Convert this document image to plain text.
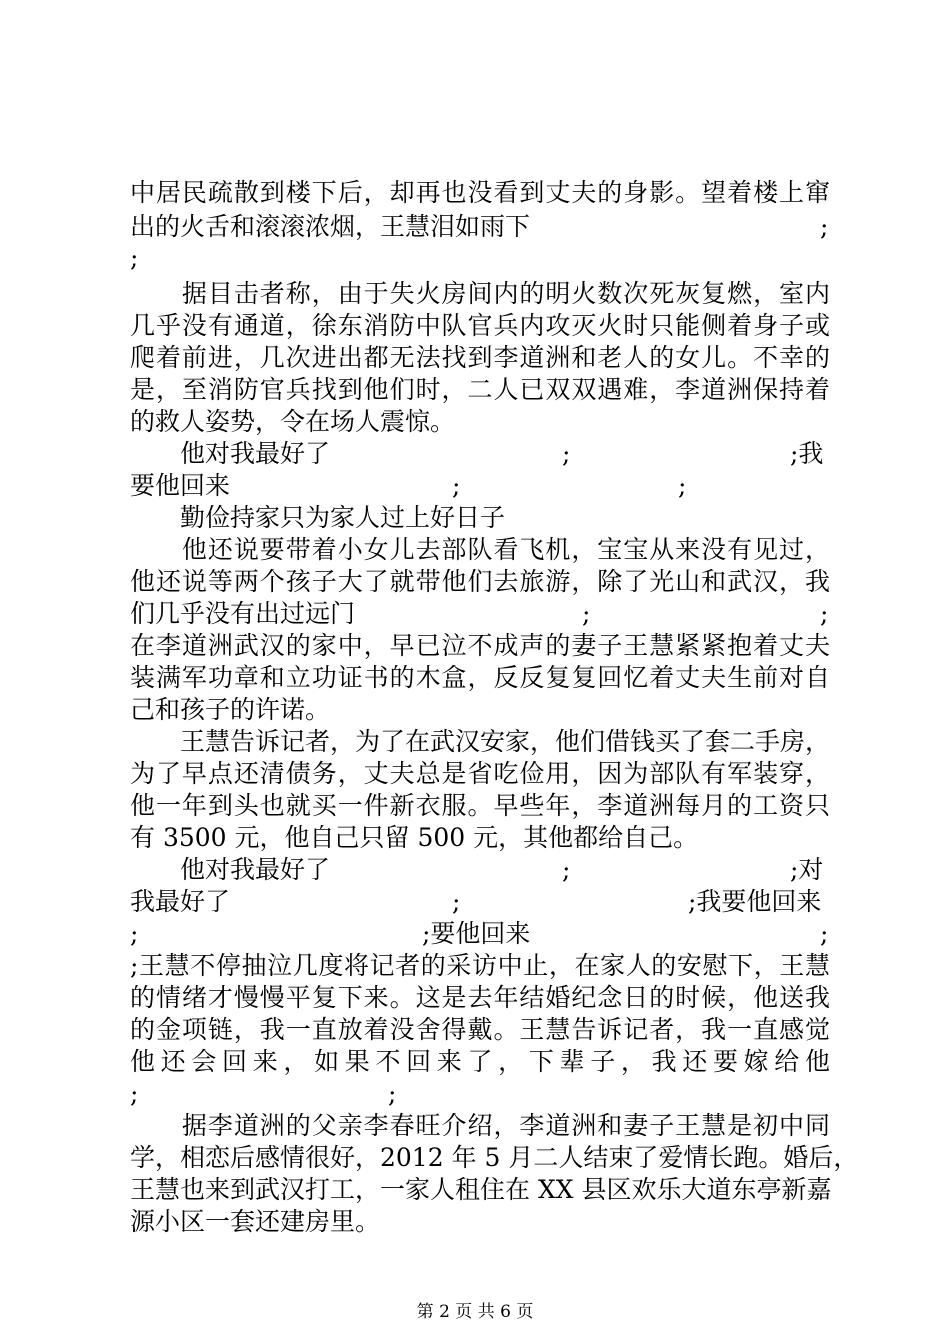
中居民疏散到楼下后，却再也没看到丈夫的身影。望着楼上窜

出的火舌和滚滚浓烟，王慧泪如雨下

	;

;

　　据目击者称，由于失火房间内的明火数次死灰复燃，室内
几乎没有通道，徐东消防中队官兵内攻灭火时只能侧着身子或
爬着前进，几次进出都无法找到李道洲和老人的女儿。不幸的
是，至消防官兵找到他们时，二人已双双遇难，李道洲保持着
的救人姿势，令在场人震惊。

　　他对我最好了

	;

	;我

要他回来

	;

	;

　　勤俭持家只为家人过上好日子
　　他还说要带着小女儿去部队看飞机，宝宝从来没有见过，
他还说等两个孩子大了就带他们去旅游，除了光山和武汉，我

们几乎没有出过远门

	;

	;

在李道洲武汉的家中，早已泣不成声的妻子王慧紧紧抱着丈夫
装满军功章和立功证书的木盒，反反复复回忆着丈夫生前对自
己和孩子的许诺。
　　王慧告诉记者，为了在武汉安家，他们借钱买了套二手房，
为了早点还清债务，丈夫总是省吃俭用，因为部队有军装穿，
他一年到头也就买一件新衣服。早些年，李道洲每月的工资只
有 3500 元，他自己只留 500 元，其他都给自己。

　　他对我最好了

	;

	;对

我最好了

	;

	;我要他回来

;

	;要他回来

	;

;王慧不停抽泣几度将记者的采访中止，在家人的安慰下，王慧
的情绪才慢慢平复下来。这是去年结婚纪念日的时候，他送我
的金项链，我一直放着没舍得戴。王慧告诉记者，我一直感觉
他还会回来，如果不回来了，下辈子，我还要嫁给他

;

	;

　　据李道洲的父亲李春旺介绍，李道洲和妻子王慧是初中同
学，相恋后感情很好，2012 年 5 月二人结束了爱情长跑。婚后，
王慧也来到武汉打工，一家人租住在 XX 县区欢乐大道东亭新嘉
源小区一套还建房里。
第 2 页 共 6 页
